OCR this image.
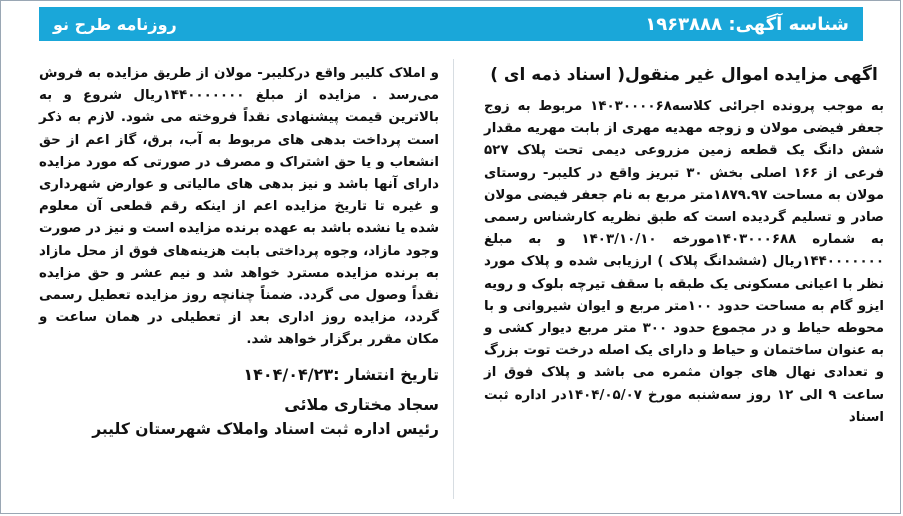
شناسه آگهی: ۱۹۶۳۸۸۸
روزنامه طرح نو
اگهی مزایده اموال غیر منقول( اسناد ذمه ای )

به موجب پرونده اجرائی کلاسه۱۴۰۳۰۰۰۰۶۸ مربوط به زوج جعفر فیضی مولان و زوجه مهدیه مهری از بابت مهریه مقدار شش دانگ یک قطعه زمین مزروعی دیمی تحت پلاک ۵۲۷ فرعی از ۱۶۶ اصلی بخش ۳۰ تبریز واقع در کلیبر- روستای مولان به مساحت ۱۸۷۹.۹۷متر مربع به نام جعفر فیضی مولان صادر و تسلیم گردیده است که طبق نظریه کارشناس رسمی به شماره ۱۴۰۳۰۰۰۶۸۸مورخه ۱۴۰۳/۱۰/۱۰ و به مبلغ ۱۴۴۰۰۰۰۰۰۰ریال (ششدانگ پلاک ) ارزیابی شده و پلاک مورد نظر با اعیانی مسکونی یک طبقه با سقف تیرچه بلوک و رویه ایزو گام به مساحت حدود ۱۰۰متر مربع و ایوان شیروانی و با محوطه حیاط و در مجموع حدود ۳۰۰ متر مربع دیوار کشی و به عنوان ساختمان و حیاط و دارای یک اصله درخت توت بزرگ و تعدادی نهال های جوان مثمره می باشد و پلاک فوق از ساعت ۹ الی ۱۲ روز سه‌شنبه مورخ ۱۴۰۴/۰۵/۰۷در اداره ثبت اسناد

و املاک کلیبر واقع درکلیبر- مولان از طریق مزایده به فروش می‌رسد . مزایده از مبلغ ۱۴۴۰۰۰۰۰۰۰ریال شروع و به بالاترین قیمت پیشنهادی نقداً فروخته می شود. لازم به ذکر است پرداخت بدهی های مربوط به آب، برق، گاز اعم از حق انشعاب و یا حق اشتراک و مصرف در صورتی که مورد مزایده دارای آنها باشد و نیز بدهی های مالیاتی و عوارض شهرداری و غیره تا تاریخ مزایده اعم از اینکه رقم قطعی آن معلوم شده یا نشده باشد به عهده برنده مزایده است و نیز در صورت وجود مازاد، وجوه پرداختی بابت هزینه‌های فوق از محل مازاد به برنده مزایده مسترد خواهد شد و نیم عشر و حق مزایده نقداً وصول می گردد. ضمناً چنانچه روز مزایده تعطیل رسمی گردد، مزایده روز اداری بعد از تعطیلی در همان ساعت و مکان مقرر برگزار خواهد شد.

تاریخ انتشار :۱۴۰۴/۰۴/۲۳
سجاد مختاری ملائی
رئیس اداره ثبت اسناد واملاک شهرستان کلیبر
